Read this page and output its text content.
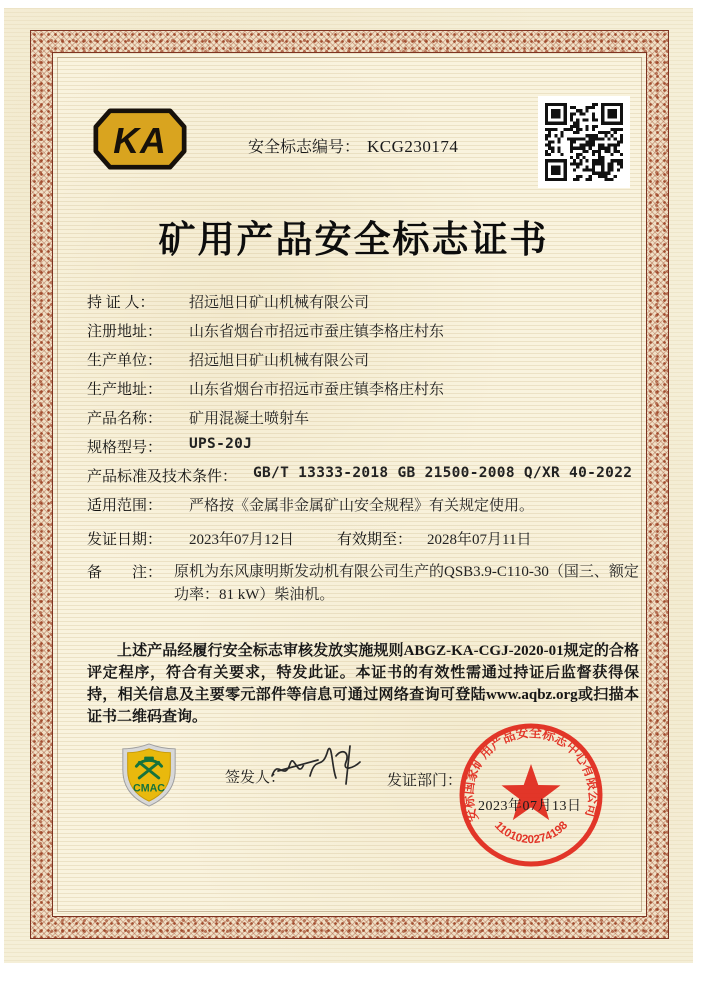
KA	安全标志编号： KCG230174
矿用产品安全标志证书
持 证 人：	招远旭日矿山机械有限公司
注册地址：	山东省烟台市招远市蚕庄镇李格庄村东
生产单位：	招远旭日矿山机械有限公司
生产地址：	山东省烟台市招远市蚕庄镇李格庄村东
产品名称：	矿用混凝土喷射车
规格型号：	UPS-20J
产品标准及技术条件： GB/T 13333-2018 GB 21500-2008 Q/XR 40-2022
适用范围：	严格按《金属非金属矿山安全规程》有关规定使用。
发证日期：	2023年07月12日	有效期至： 2028年07月11日
备　　注： 原机为东风康明斯发动机有限公司生产的QSB3.9-C110-30（国三、额定功率：81 kW）柴油机。
上述产品经履行安全标志审核发放实施规则ABGZ-KA-CGJ-2020-01规定的合格评定程序，符合有关要求，特发此证。本证书的有效性需通过持证后监督获得保持，相关信息及主要零元部件等信息可通过网络查询可登陆www.aqbz.org或扫描本证书二维码查询。
CMAC
签发人：	发证部门：
安标国家矿用产品安全标志中心有限公司
1101020274198
2023年07月13日
